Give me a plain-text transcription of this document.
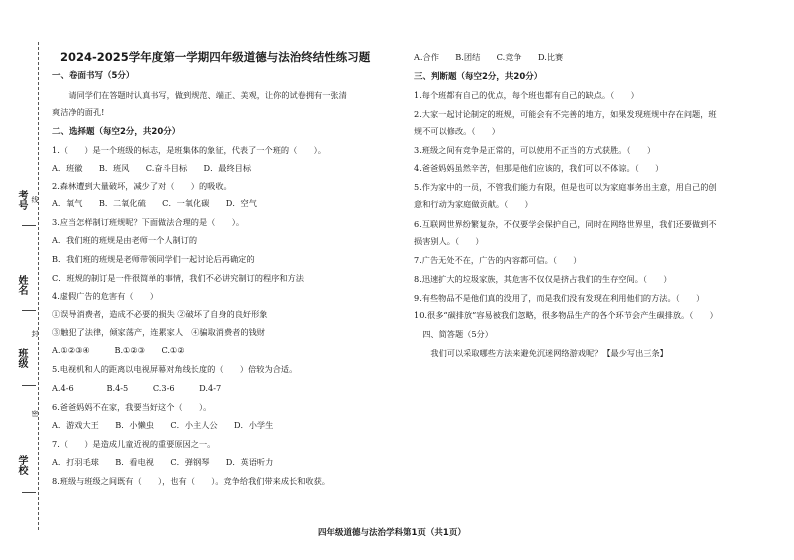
考号 线
姓名
封
班级
密
学校
2024-2025学年度第一学期四年级道德与法治终结性练习题
一、卷面书写（5分）
　　请同学们在答题时认真书写，做到规范、端正、美观，让你的试卷拥有一张清
爽洁净的面孔!
二、选择题（每空2分，共20分）
1.（　　）是一个班级的标志，是班集体的象征，代表了一个班的（　　）。
A．班徽　　B．班风　　C.奋斗目标　　D．最终目标
2.森林遭到大量破坏，减少了对（　　）的吸收。
A．氧气　　B．二氧化硫　　C．一氧化碳　　D．空气
3.应当怎样制订班规呢？下面做法合理的是（　　）。
A．我们班的班规是由老师一个人制订的
B．我们班的班规是老师带领同学们一起讨论后再确定的
C．班规的制订是一件很简单的事情，我们不必讲究制订的程序和方法
4.虚假广告的危害有（　　）
①误导消费者，造成不必要的损失 ②破坏了自身的良好形象
③触犯了法律，倾家荡产，连累家人　④骗取消费者的钱财
A.①②③④　　　B.①②③　　C.①②
5.电视机和人的距离以电视屏幕对角线长度的（　　）倍较为合适。
A.4-6　　　　B.4-5　　　C.3-6　　　D.4-7
6.爸爸妈妈不在家，我要当好这个（　　）。
A．游戏大王　　B．小懒虫　　C．小主人公　　D．小学生
7.（　　）是造成儿童近视的重要原因之一。
A．打羽毛球　　B．看电视　　C．弹钢琴　　D．英语听力
8.班级与班级之间既有（　　），也有（　　）。竞争给我们带来成长和收获。
A.合作　　B.团结　　C.竞争　　D.比赛
三、判断题（每空2分，共20分）
1.每个班都有自己的优点，每个班也都有自己的缺点。（　　）
2.大家一起讨论制定的班规，可能会有不完善的地方，如果发现班规中存在问题，班
规不可以修改。（　　）
3.班级之间有竞争是正常的，可以使用不正当的方式获胜。（　　）
4.爸爸妈妈虽然辛苦，但那是他们应该的，我们可以不体谅。（　　）
5.作为家中的一员，不管我们能力有限，但是也可以为家庭事务出主意，用自己的创
意和行动为家庭做贡献。（　　）
6.互联网世界纷繁复杂，不仅要学会保护自己，同时在网络世界里，我们还要做到不
损害别人。（　　）
7.广告无处不在，广告的内容都可信。（　　）
8.迅速扩大的垃圾家族，其危害不仅仅是挤占我们的生存空间。（　　）
9.有些物品不是他们真的没用了，而是我们没有发现在利用他们的方法。（　　）
10.很多“碳排放”容易被我们忽略，很多物品生产的各个环节会产生碳排放。（　　）
　四、简答题（5分）
　　我们可以采取哪些方法来避免沉迷网络游戏呢？【最少写出三条】
四年级道德与法治学科第1页（共1页）
